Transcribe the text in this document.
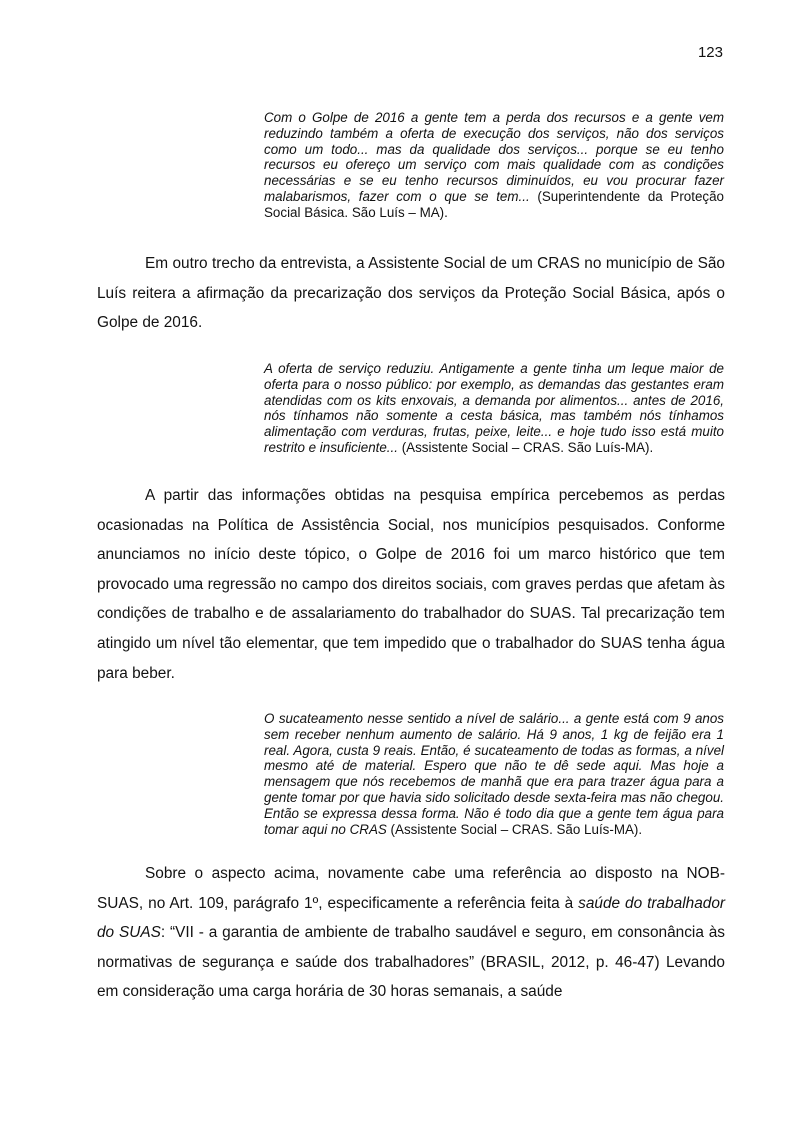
123

Com o Golpe de 2016 a gente tem a perda dos recursos e a gente vem reduzindo também a oferta de execução dos serviços, não dos serviços como um todo... mas da qualidade dos serviços... porque se eu tenho recursos eu ofereço um serviço com mais qualidade com as condições necessárias e se eu tenho recursos diminuídos, eu vou procurar fazer malabarismos, fazer com o que se tem... (Superintendente da Proteção Social Básica. São Luís – MA).

Em outro trecho da entrevista, a Assistente Social de um CRAS no município de São Luís reitera a afirmação da precarização dos serviços da Proteção Social Básica, após o Golpe de 2016.

A oferta de serviço reduziu. Antigamente a gente tinha um leque maior de oferta para o nosso público: por exemplo, as demandas das gestantes eram atendidas com os kits enxovais, a demanda por alimentos... antes de 2016, nós tínhamos não somente a cesta básica, mas também nós tínhamos alimentação com verduras, frutas, peixe, leite... e hoje tudo isso está muito restrito e insuficiente... (Assistente Social – CRAS. São Luís-MA).

A partir das informações obtidas na pesquisa empírica percebemos as perdas ocasionadas na Política de Assistência Social, nos municípios pesquisados. Conforme anunciamos no início deste tópico, o Golpe de 2016 foi um marco histórico que tem provocado uma regressão no campo dos direitos sociais, com graves perdas que afetam às condições de trabalho e de assalariamento do trabalhador do SUAS. Tal precarização tem atingido um nível tão elementar, que tem impedido que o trabalhador do SUAS tenha água para beber.

O sucateamento nesse sentido a nível de salário... a gente está com 9 anos sem receber nenhum aumento de salário. Há 9 anos, 1 kg de feijão era 1 real. Agora, custa 9 reais. Então, é sucateamento de todas as formas, a nível mesmo até de material. Espero que não te dê sede aqui. Mas hoje a mensagem que nós recebemos de manhã que era para trazer água para a gente tomar por que havia sido solicitado desde sexta-feira mas não chegou. Então se expressa dessa forma. Não é todo dia que a gente tem água para tomar aqui no CRAS (Assistente Social – CRAS. São Luís-MA).

Sobre o aspecto acima, novamente cabe uma referência ao disposto na NOB-SUAS, no Art. 109, parágrafo 1º, especificamente a referência feita à saúde do trabalhador do SUAS: “VII - a garantia de ambiente de trabalho saudável e seguro, em consonância às normativas de segurança e saúde dos trabalhadores” (BRASIL, 2012, p. 46-47) Levando em consideração uma carga horária de 30 horas semanais, a saúde
